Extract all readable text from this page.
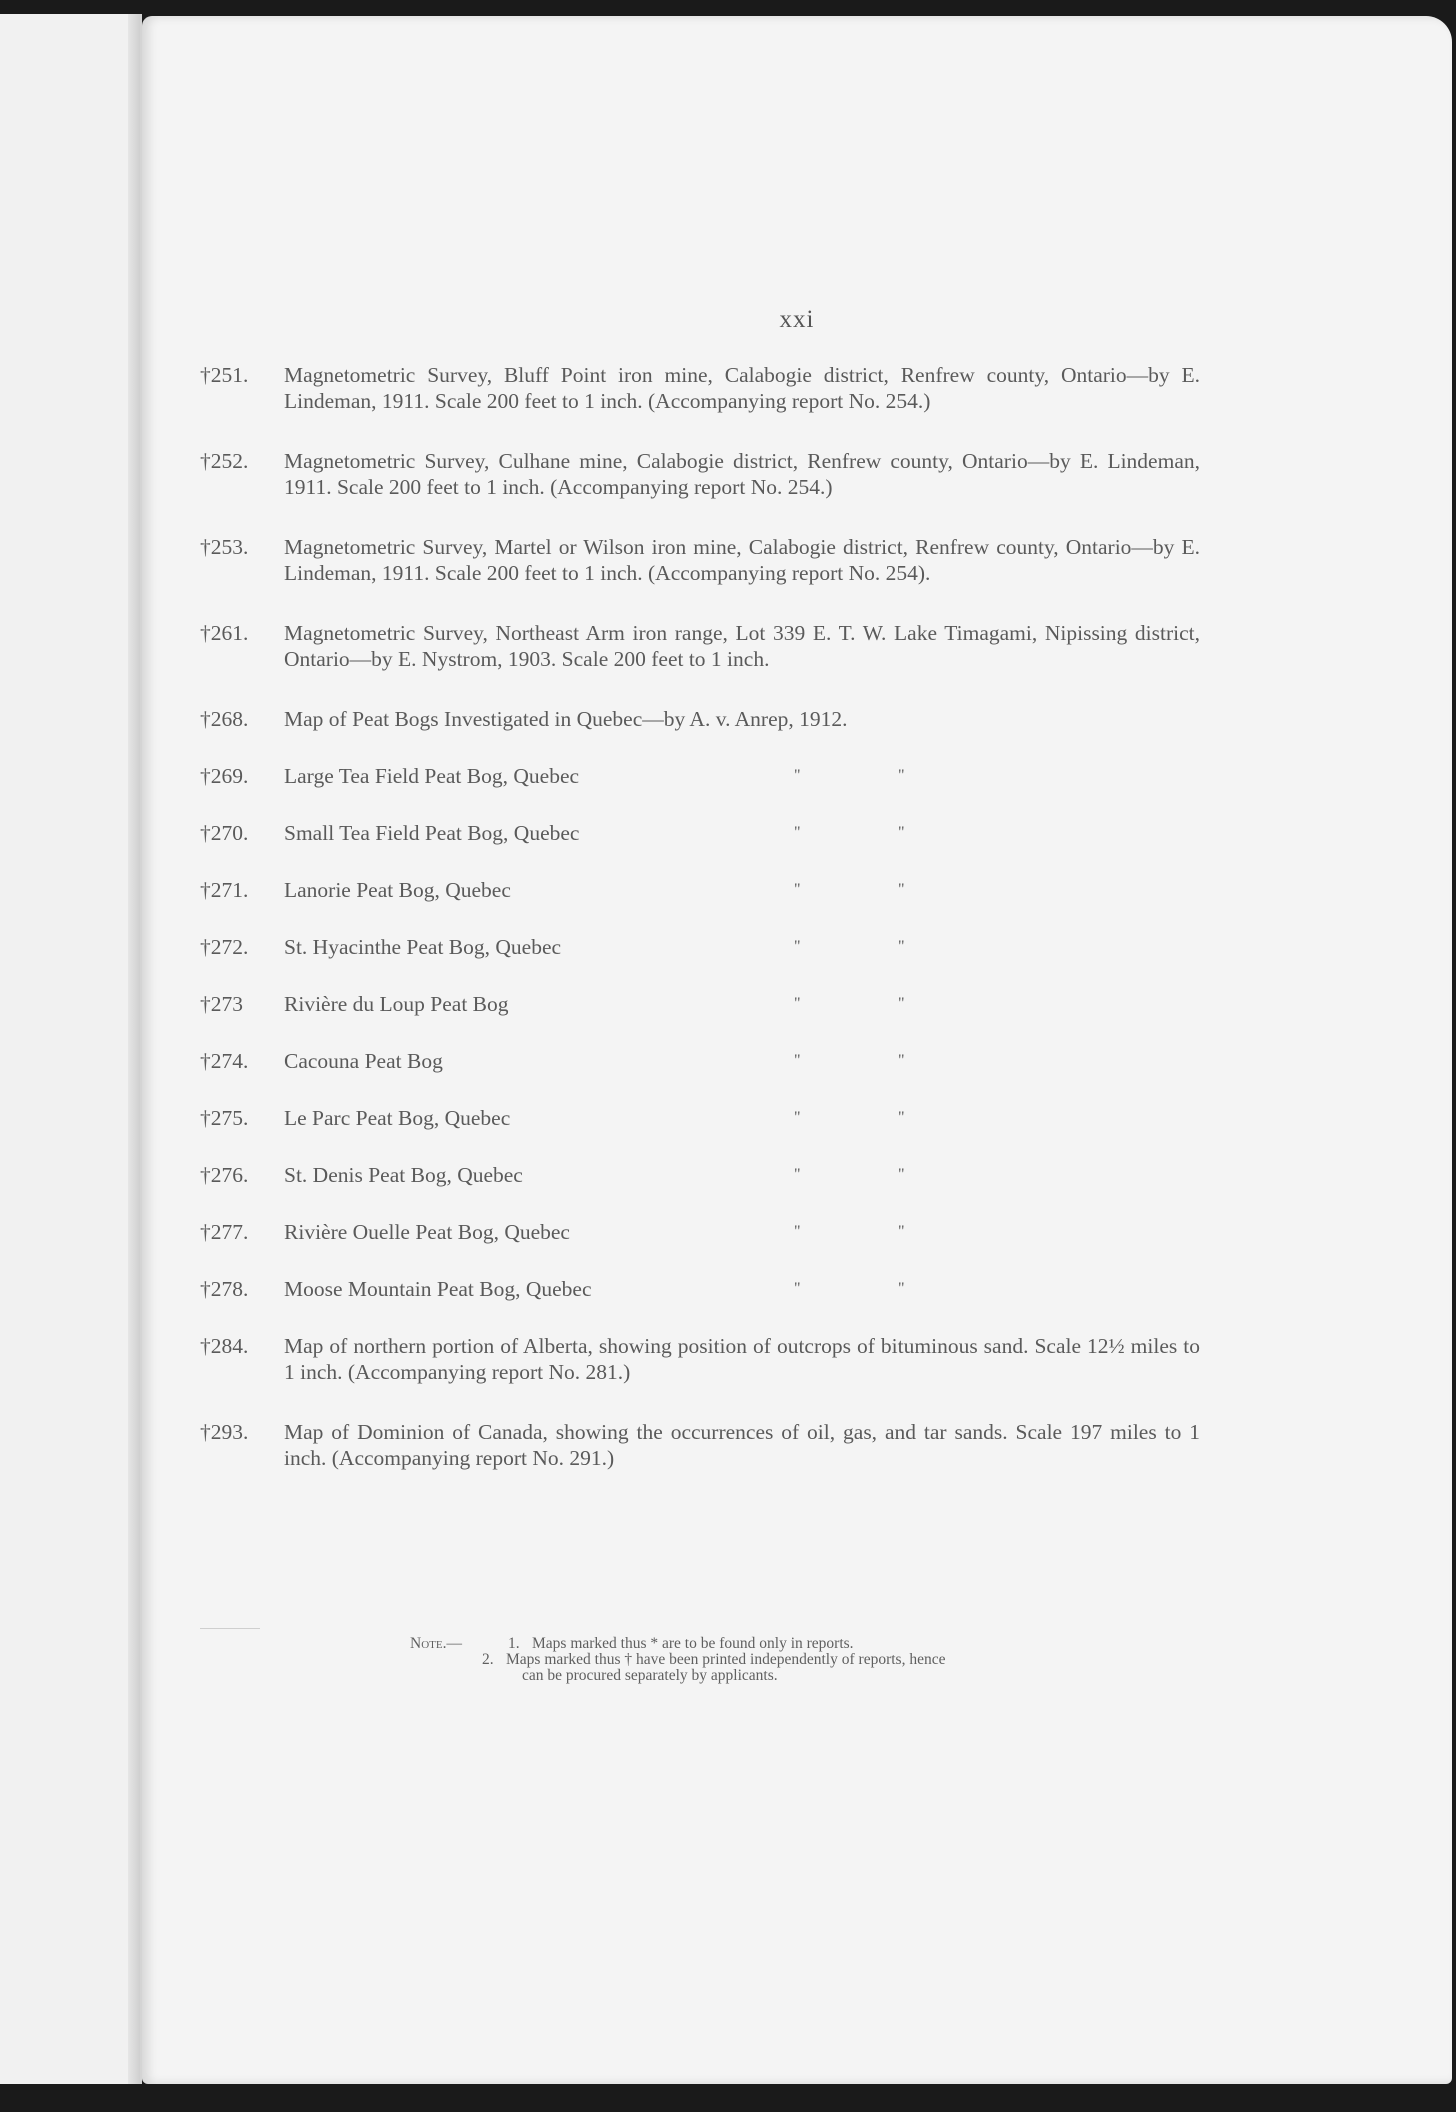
xxi
†251.	Magnetometric Survey, Bluff Point iron mine, Calabogie district, Renfrew county, Ontario—by E. Lindeman, 1911. Scale 200 feet to 1 inch. (Accompanying report No. 254.)
†252.	Magnetometric Survey, Culhane mine, Calabogie district, Renfrew county, Ontario—by E. Lindeman, 1911. Scale 200 feet to 1 inch. (Accompanying report No. 254.)
†253.	Magnetometric Survey, Martel or Wilson iron mine, Calabogie district, Renfrew county, Ontario—by E. Lindeman, 1911. Scale 200 feet to 1 inch. (Accompanying report No. 254).
†261.	Magnetometric Survey, Northeast Arm iron range, Lot 339 E. T. W. Lake Timagami, Nipissing district, Ontario—by E. Nystrom, 1903. Scale 200 feet to 1 inch.
†268.	Map of Peat Bogs Investigated in Quebec—by A. v. Anrep, 1912.
†269.	Large Tea Field Peat Bog, Quebec	"	"
†270.	Small Tea Field Peat Bog, Quebec	"	"
†271.	Lanorie Peat Bog, Quebec	"	"
†272.	St. Hyacinthe Peat Bog, Quebec	"	"
†273	Rivière du Loup Peat Bog	"	"
†274.	Cacouna Peat Bog	"	"
†275.	Le Parc Peat Bog, Quebec	"	"
†276.	St. Denis Peat Bog, Quebec	"	"
†277.	Rivière Ouelle Peat Bog, Quebec	"	"
†278.	Moose Mountain Peat Bog, Quebec	"	"
†284.	Map of northern portion of Alberta, showing position of outcrops of bituminous sand. Scale 12½ miles to 1 inch. (Accompanying report No. 281.)
†293.	Map of Dominion of Canada, showing the occurrences of oil, gas, and tar sands. Scale 197 miles to 1 inch. (Accompanying report No. 291.)
Note.—	1. Maps marked thus * are to be found only in reports.
2. Maps marked thus † have been printed independently of reports, hence
can be procured separately by applicants.
